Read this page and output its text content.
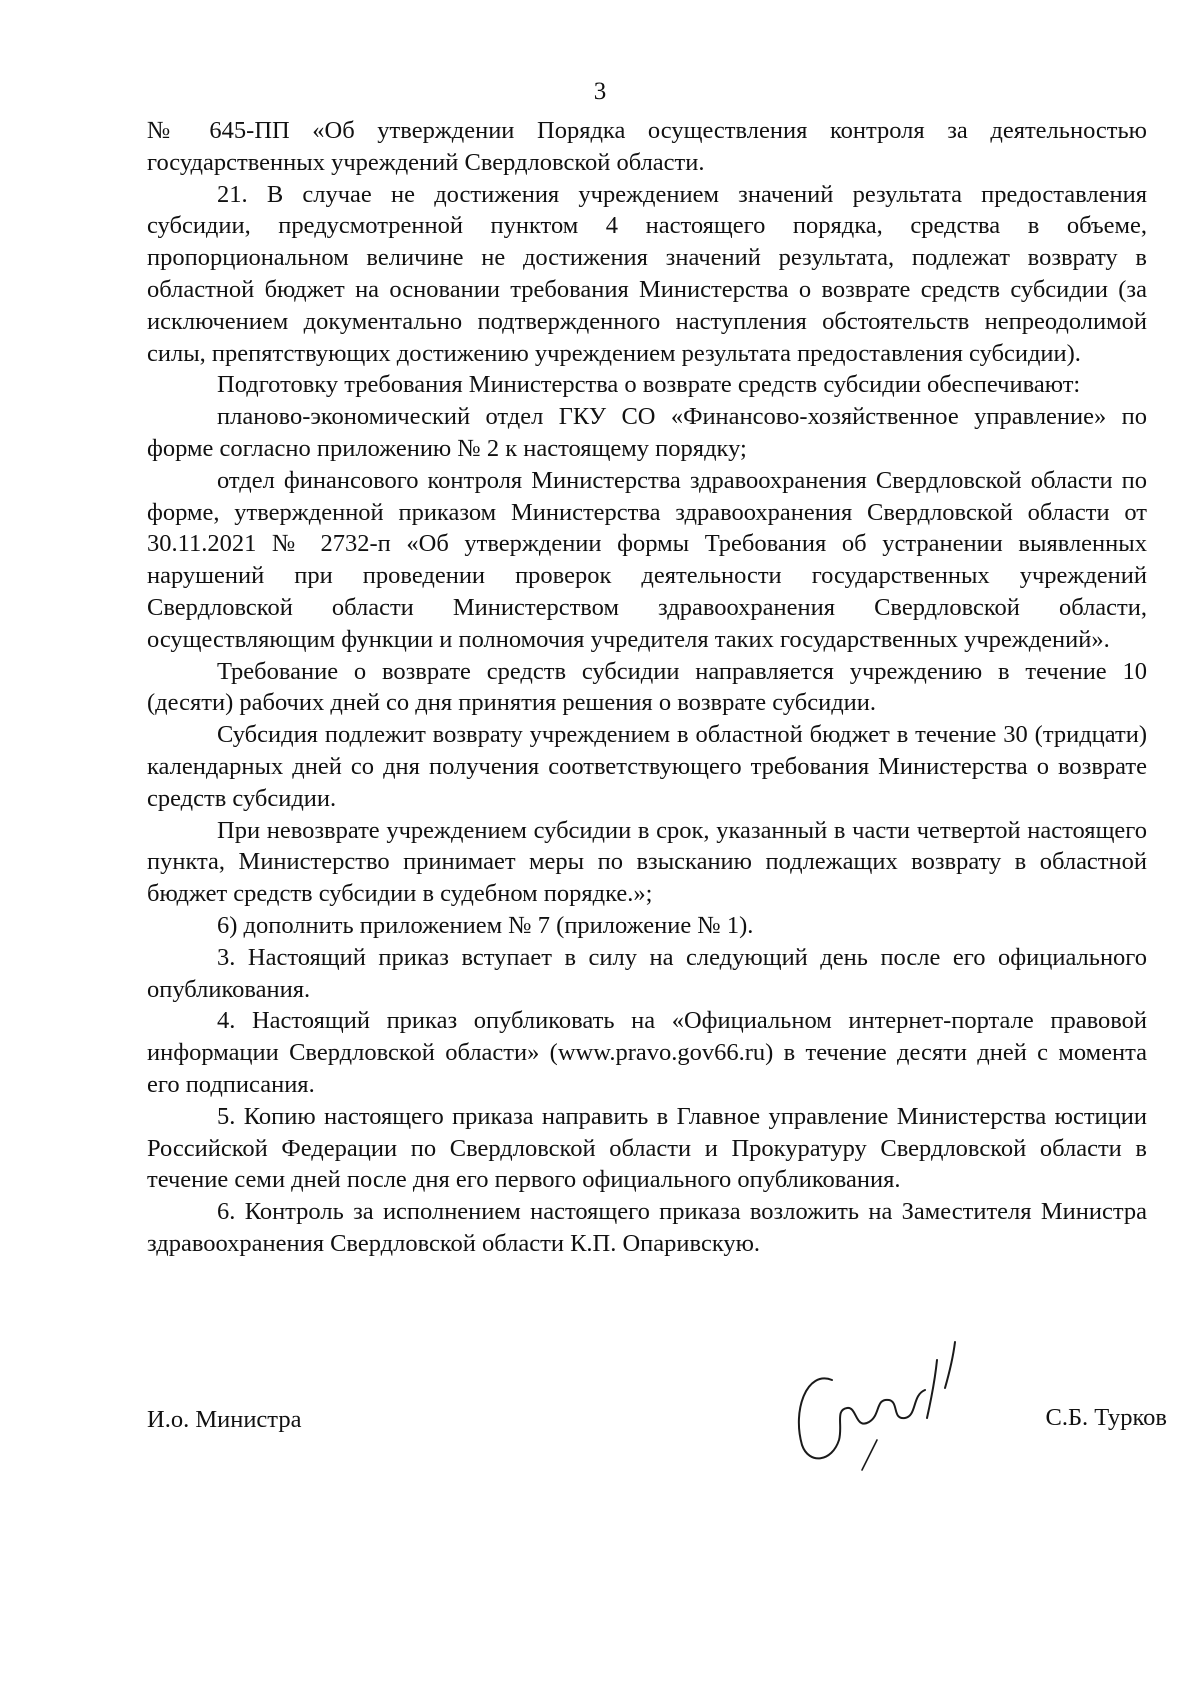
3

№ 645-ПП «Об утверждении Порядка осуществления контроля за деятельностью государственных учреждений Свердловской области.

21. В случае не достижения учреждением значений результата предоставления субсидии, предусмотренной пунктом 4 настоящего порядка, средства в объеме, пропорциональном величине не достижения значений результата, подлежат возврату в областной бюджет на основании требования Министерства о возврате средств субсидии (за исключением документально подтвержденного наступления обстоятельств непреодолимой силы, препятствующих достижению учреждением результата предоставления субсидии).

Подготовку требования Министерства о возврате средств субсидии обеспечивают:

планово-экономический отдел ГКУ СО «Финансово-хозяйственное управление» по форме согласно приложению № 2 к настоящему порядку;

отдел финансового контроля Министерства здравоохранения Свердловской области по форме, утвержденной приказом Министерства здравоохранения Свердловской области от 30.11.2021 № 2732-п «Об утверждении формы Требования об устранении выявленных нарушений при проведении проверок деятельности государственных учреждений Свердловской области Министерством здравоохранения Свердловской области, осуществляющим функции и полномочия учредителя таких государственных учреждений».

Требование о возврате средств субсидии направляется учреждению в течение 10 (десяти) рабочих дней со дня принятия решения о возврате субсидии.

Субсидия подлежит возврату учреждением в областной бюджет в течение 30 (тридцати) календарных дней со дня получения соответствующего требования Министерства о возврате средств субсидии.

При невозврате учреждением субсидии в срок, указанный в части четвертой настоящего пункта, Министерство принимает меры по взысканию подлежащих возврату в областной бюджет средств субсидии в судебном порядке.»;

6) дополнить приложением № 7 (приложение № 1).

3. Настоящий приказ вступает в силу на следующий день после его официального опубликования.

4. Настоящий приказ опубликовать на «Официальном интернет-портале правовой информации Свердловской области» (www.pravo.gov66.ru) в течение десяти дней с момента его подписания.

5. Копию настоящего приказа направить в Главное управление Министерства юстиции Российской Федерации по Свердловской области и Прокуратуру Свердловской области в течение семи дней после дня его первого официального опубликования.

6. Контроль за исполнением настоящего приказа возложить на Заместителя Министра здравоохранения Свердловской области К.П. Опаривскую.

И.о. Министра	С.Б. Турков
